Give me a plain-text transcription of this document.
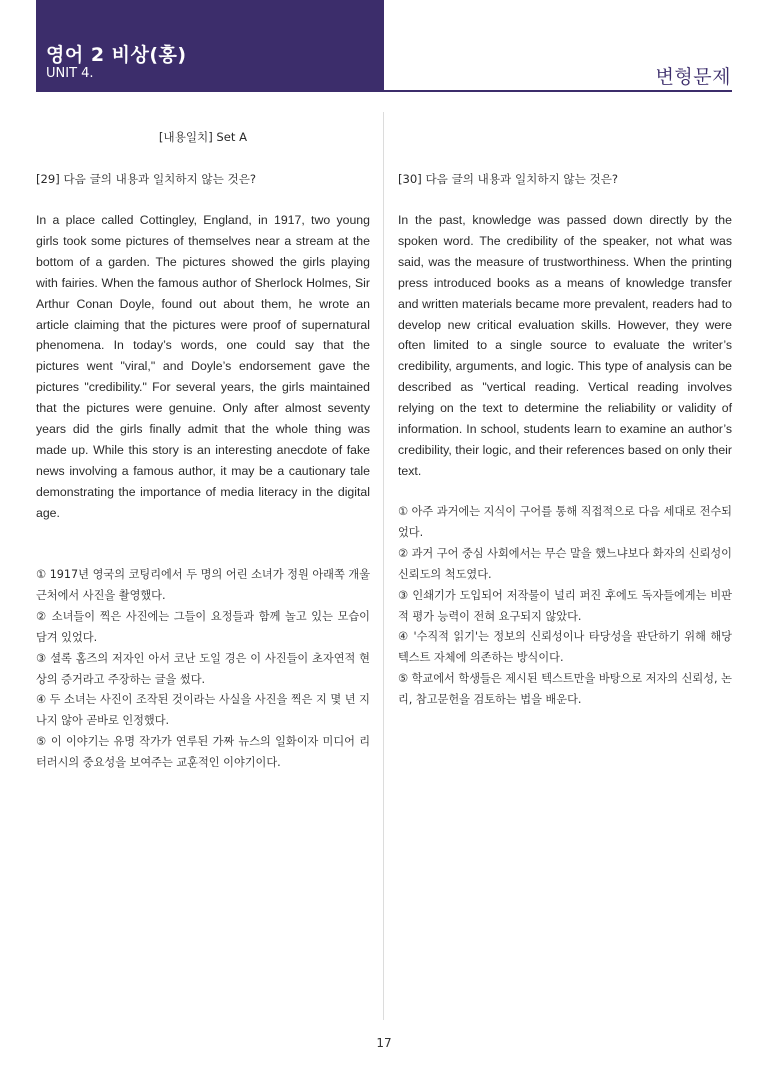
영어 2 비상(홍)
UNIT 4.	변형문제
[내용일치] Set A
[29] 다음 글의 내용과 일치하지 않는 것은?
In a place called Cottingley, England, in 1917, two young girls took some pictures of themselves near a stream at the bottom of a garden. The pictures showed the girls playing with fairies. When the famous author of Sherlock Holmes, Sir Arthur Conan Doyle, found out about them, he wrote an article claiming that the pictures were proof of supernatural phenomena. In today’s words, one could say that the pictures went "viral," and Doyle’s endorsement gave the pictures "credibility." For several years, the girls maintained that the pictures were genuine. Only after almost seventy years did the girls finally admit that the whole thing was made up. While this story is an interesting anecdote of fake news involving a famous author, it may be a cautionary tale demonstrating the importance of media literacy in the digital age.

① 1917년 영국의 코팅리에서 두 명의 어린 소녀가 정원 아래쪽 개울 근처에서 사진을 촬영했다.

② 소녀들이 찍은 사진에는 그들이 요정들과 함께 놀고 있는 모습이 담겨 있었다.

③ 셜록 홈즈의 저자인 아서 코난 도일 경은 이 사진들이 초자연적 현상의 증거라고 주장하는 글을 썼다.

④ 두 소녀는 사진이 조작된 것이라는 사실을 사진을 찍은 지 몇 년 지나지 않아 곧바로 인정했다.

⑤ 이 이야기는 유명 작가가 연루된 가짜 뉴스의 일화이자 미디어 리터러시의 중요성을 보여주는 교훈적인 이야기이다.

[30] 다음 글의 내용과 일치하지 않는 것은?
In the past, knowledge was passed down directly by the spoken word. The credibility of the speaker, not what was said, was the measure of trustworthiness. When the printing press introduced books as a means of knowledge transfer and written materials became more prevalent, readers had to develop new critical evaluation skills. However, they were often limited to a single source to evaluate the writer’s credibility, arguments, and logic. This type of analysis can be described as "vertical reading. Vertical reading involves relying on the text to determine the reliability or validity of information. In school, students learn to examine an author’s credibility, their logic, and their references based on only their text.

① 아주 과거에는 지식이 구어를 통해 직접적으로 다음 세대로 전수되었다.

② 과거 구어 중심 사회에서는 무슨 말을 했느냐보다 화자의 신뢰성이 신뢰도의 척도였다.

③ 인쇄기가 도입되어 저작물이 널리 퍼진 후에도 독자들에게는 비판적 평가 능력이 전혀 요구되지 않았다.

④ '수직적 읽기'는 정보의 신뢰성이나 타당성을 판단하기 위해 해당 텍스트 자체에 의존하는 방식이다.

⑤ 학교에서 학생들은 제시된 텍스트만을 바탕으로 저자의 신뢰성, 논리, 참고문헌을 검토하는 법을 배운다.

17
